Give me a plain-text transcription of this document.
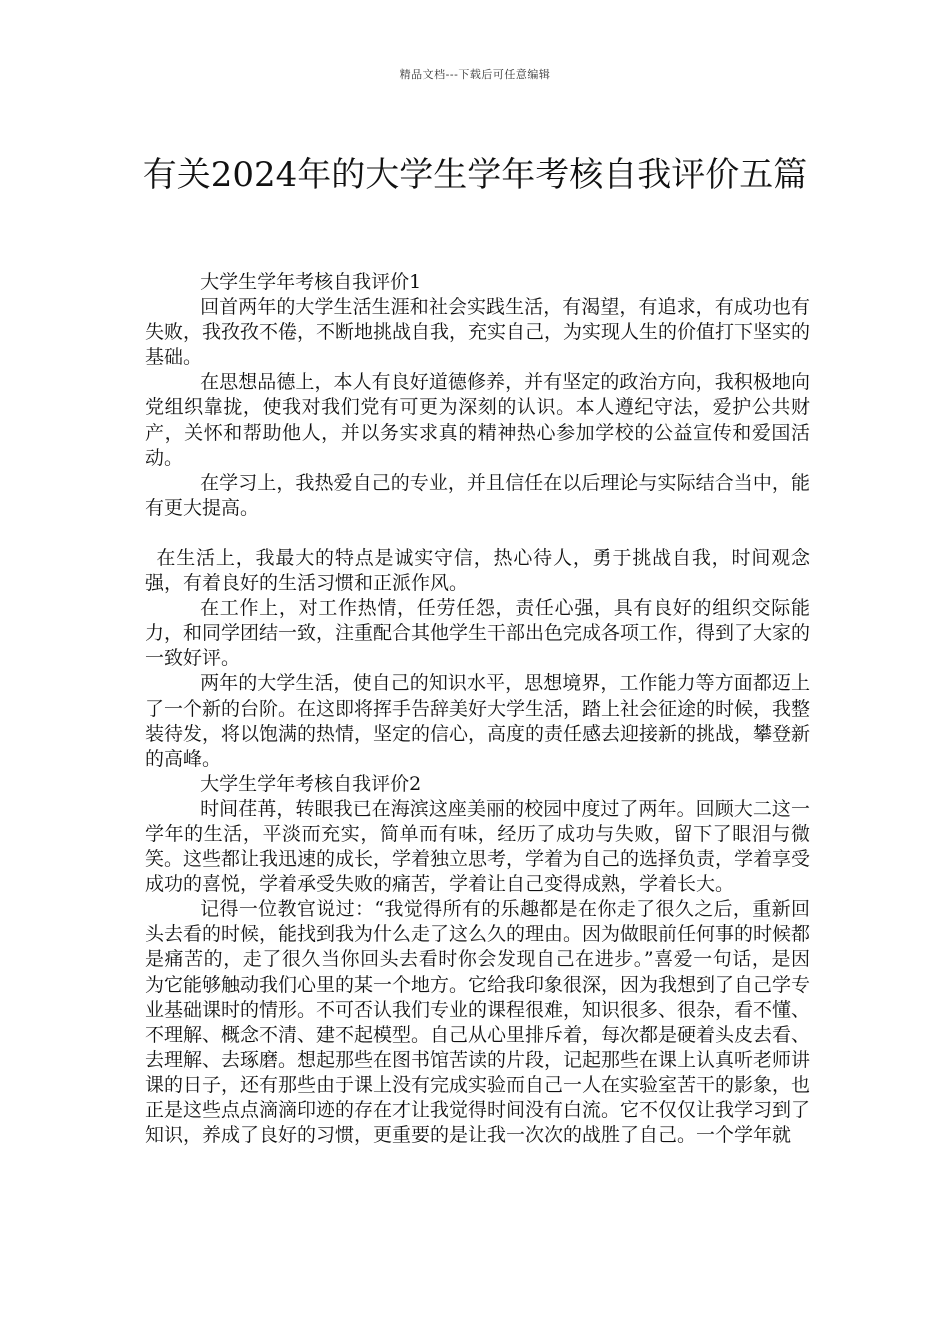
精品文档---下载后可任意编辑
有关2024年的大学生学年考核自我评价五篇

大学生学年考核自我评价1

回首两年的大学生活生涯和社会实践生活，有渴望，有追求，有成功也有失败，我孜孜不倦，不断地挑战自我，充实自己，为实现人生的价值打下坚实的基础。

在思想品德上，本人有良好道德修养，并有坚定的政治方向，我积极地向党组织靠拢，使我对我们党有可更为深刻的认识。本人遵纪守法，爱护公共财产，关怀和帮助他人，并以务实求真的精神热心参加学校的公益宣传和爱国活动。

在学习上，我热爱自己的专业，并且信任在以后理论与实际结合当中，能有更大提高。

在生活上，我最大的特点是诚实守信，热心待人，勇于挑战自我，时间观念强，有着良好的生活习惯和正派作风。

在工作上，对工作热情，任劳任怨，责任心强，具有良好的组织交际能力，和同学团结一致，注重配合其他学生干部出色完成各项工作，得到了大家的一致好评。

两年的大学生活，使自己的知识水平，思想境界，工作能力等方面都迈上了一个新的台阶。在这即将挥手告辞美好大学生活，踏上社会征途的时候，我整装待发，将以饱满的热情，坚定的信心，高度的责任感去迎接新的挑战，攀登新的高峰。

大学生学年考核自我评价2

时间荏苒，转眼我已在海滨这座美丽的校园中度过了两年。回顾大二这一学年的生活，平淡而充实，简单而有味，经历了成功与失败，留下了眼泪与微笑。这些都让我迅速的成长，学着独立思考，学着为自己的选择负责，学着享受成功的喜悦，学着承受失败的痛苦，学着让自己变得成熟，学着长大。

记得一位教官说过：“我觉得所有的乐趣都是在你走了很久之后，重新回头去看的时候，能找到我为什么走了这么久的理由。因为做眼前任何事的时候都是痛苦的，走了很久当你回头去看时你会发现自己在进步。”喜爱一句话，是因为它能够触动我们心里的某一个地方。它给我印象很深，因为我想到了自己学专业基础课时的情形。不可否认我们专业的课程很难，知识很多、很杂，看不懂、不理解、概念不清、建不起模型。自己从心里排斥着，每次都是硬着头皮去看、去理解、去琢磨。想起那些在图书馆苦读的片段，记起那些在课上认真听老师讲课的日子，还有那些由于课上没有完成实验而自己一人在实验室苦干的影象，也正是这些点点滴滴印迹的存在才让我觉得时间没有白流。它不仅仅让我学习到了知识，养成了良好的习惯，更重要的是让我一次次的战胜了自己。一个学年就
